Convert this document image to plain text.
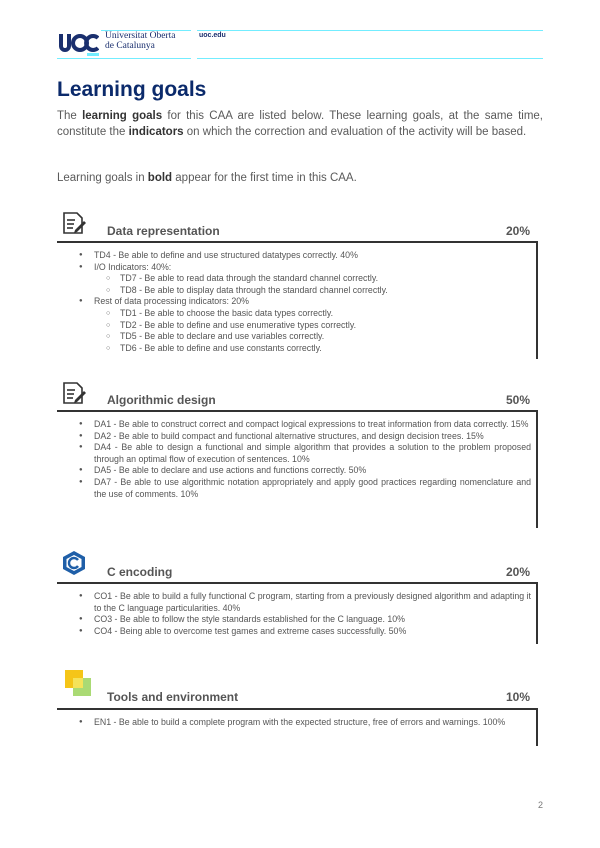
Universitat Oberta
de Catalunya
uoc.edu
Learning goals

The learning goals for this CAA are listed below. These learning goals, at the same time, constitute the indicators on which the correction and evaluation of the activity will be based.

Learning goals in bold appear for the first time in this CAA.

Data representation	20%
● TD4 - Be able to define and use structured datatypes correctly. 40%
● I/O Indicators: 40%:
○ TD7 - Be able to read data through the standard channel correctly.
○ TD8 - Be able to display data through the standard channel correctly.
● Rest of data processing indicators: 20%
○ TD1 - Be able to choose the basic data types correctly.
○ TD2 - Be able to define and use enumerative types correctly.
○ TD5 - Be able to declare and use variables correctly.
○ TD6 - Be able to define and use constants correctly.
Algorithmic design	50%
● DA1 - Be able to construct correct and compact logical expressions to treat information from data correctly. 15%
● DA2 - Be able to build compact and functional alternative structures, and design decision trees. 15%
● DA4 - Be able to design a functional and simple algorithm that provides a solution to the problem proposed through an optimal flow of execution of sentences. 10%
● DA5 - Be able to declare and use actions and functions correctly. 50%
● DA7 - Be able to use algorithmic notation appropriately and apply good practices regarding nomenclature and the use of comments. 10%
C encoding	20%
● CO1 - Be able to build a fully functional C program, starting from a previously designed algorithm and adapting it to the C language particularities. 40%
● CO3 - Be able to follow the style standards established for the C language. 10%
● CO4 - Being able to overcome test games and extreme cases successfully. 50%
Tools and environment	10%
● EN1 - Be able to build a complete program with the expected structure, free of errors and warnings. 100%
2
